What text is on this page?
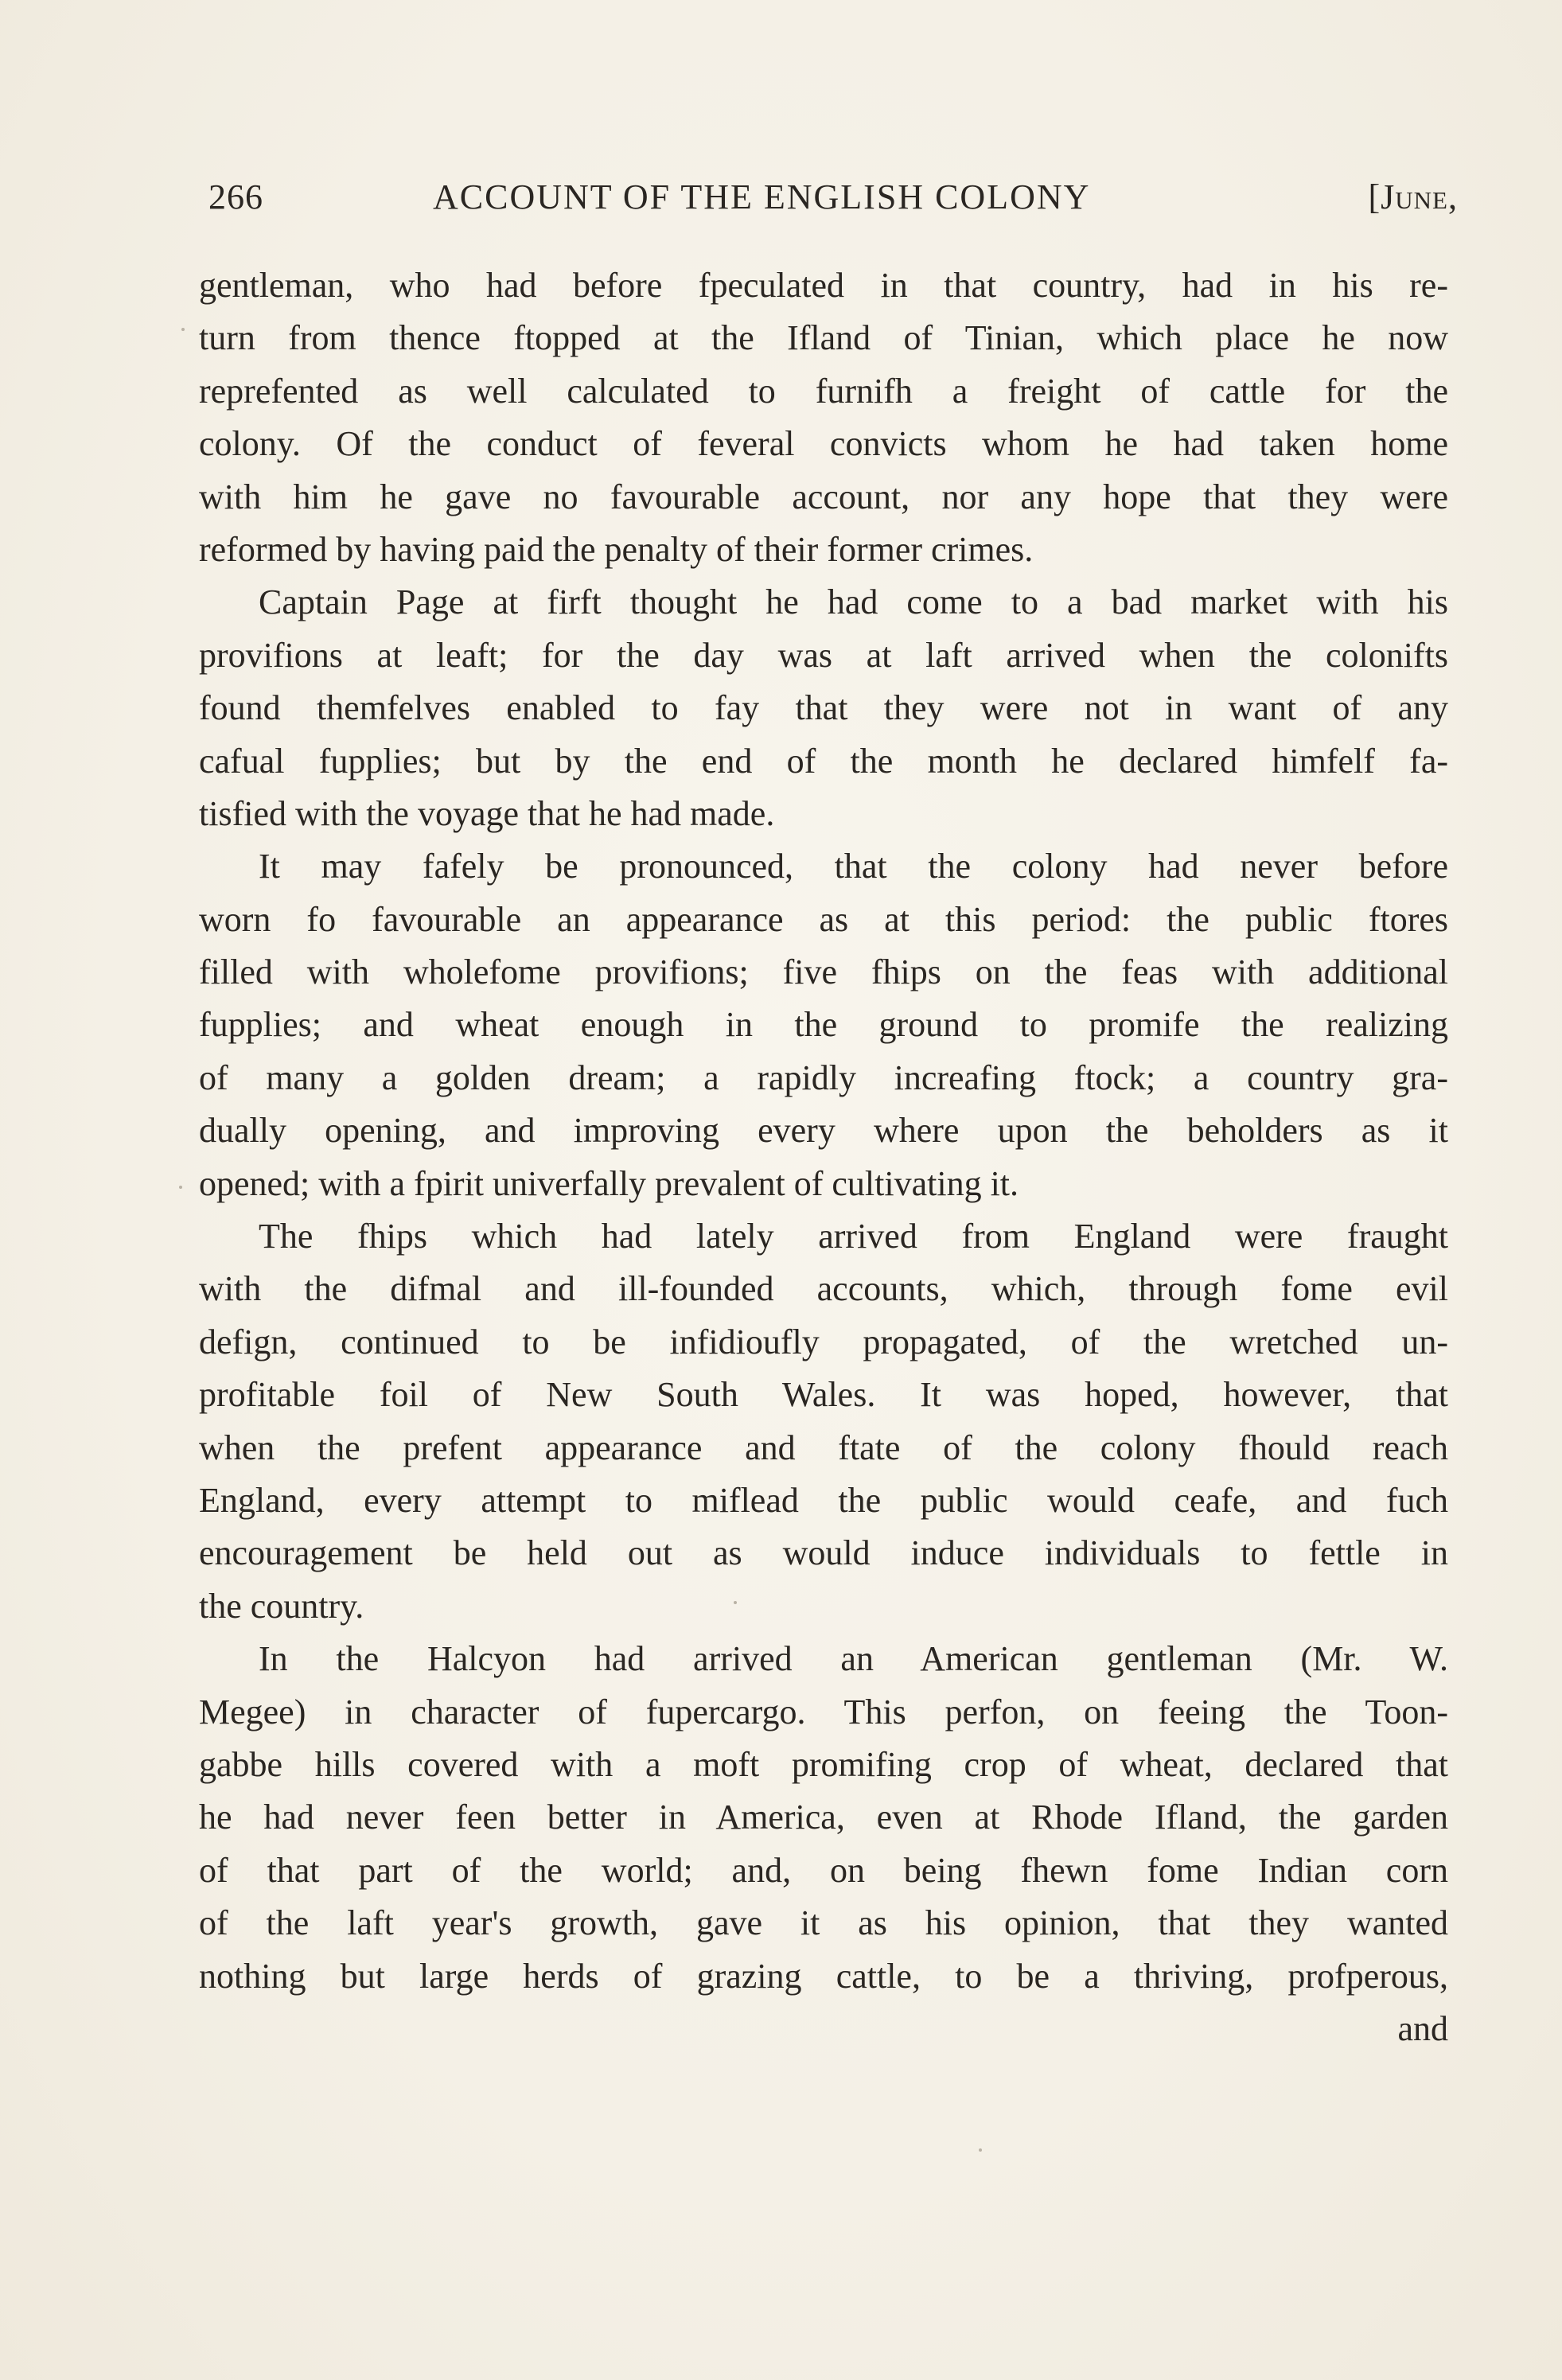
266	ACCOUNT OF THE ENGLISH COLONY	[June,
gentleman, who had before fpeculated in that country, had in his re-
turn from thence ftopped at the Ifland of Tinian, which place he now
reprefented as well calculated to furnifh a freight of cattle for the
colony. Of the conduct of feveral convicts whom he had taken home
with him he gave no favourable account, nor any hope that they were
reformed by having paid the penalty of their former crimes.
Captain Page at firft thought he had come to a bad market with his
provifions at leaft; for the day was at laft arrived when the colonifts
found themfelves enabled to fay that they were not in want of any
cafual fupplies; but by the end of the month he declared himfelf fa-
tisfied with the voyage that he had made.
It may fafely be pronounced, that the colony had never before
worn fo favourable an appearance as at this period: the public ftores
filled with wholefome provifions; five fhips on the feas with additional
fupplies; and wheat enough in the ground to promife the realizing
of many a golden dream; a rapidly increafing ftock; a country gra-
dually opening, and improving every where upon the beholders as it
opened; with a fpirit univerfally prevalent of cultivating it.
The fhips which had lately arrived from England were fraught
with the difmal and ill-founded accounts, which, through fome evil
defign, continued to be infidioufly propagated, of the wretched un-
profitable foil of New South Wales. It was hoped, however, that
when the prefent appearance and ftate of the colony fhould reach
England, every attempt to miflead the public would ceafe, and fuch
encouragement be held out as would induce individuals to fettle in
the country.
In the Halcyon had arrived an American gentleman (Mr. W.
Megee) in character of fupercargo. This perfon, on feeing the Toon-
gabbe hills covered with a moft promifing crop of wheat, declared that
he had never feen better in America, even at Rhode Ifland, the garden
of that part of the world; and, on being fhewn fome Indian corn
of the laft year's growth, gave it as his opinion, that they wanted
nothing but large herds of grazing cattle, to be a thriving, profperous,
and
